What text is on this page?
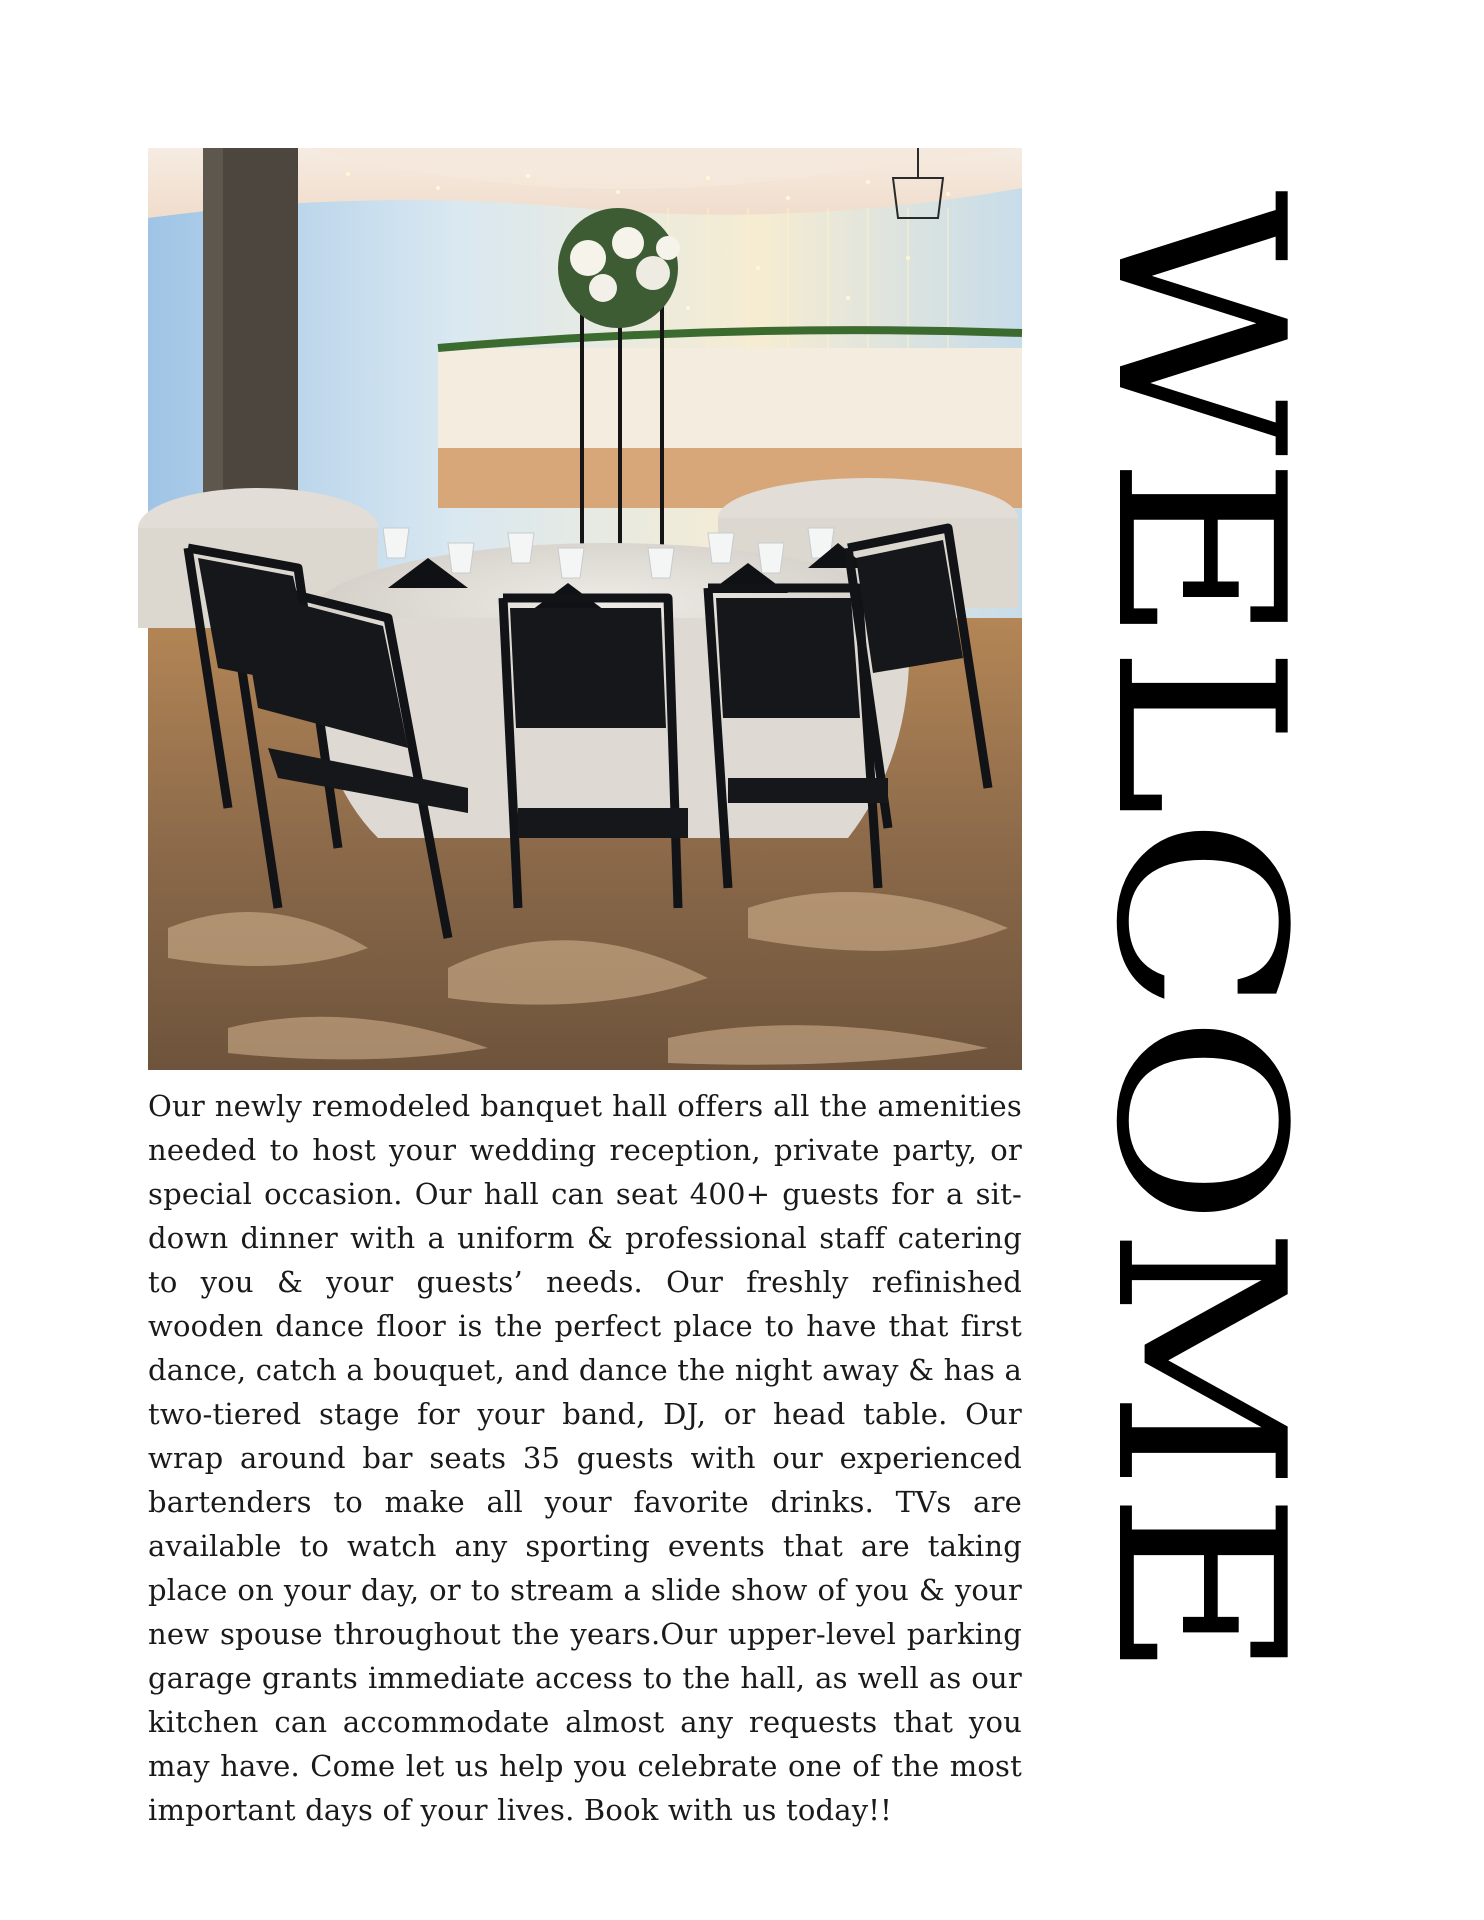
Our newly remodeled banquet hall offers all the amenities needed to host your wedding reception, private party, or special occasion. Our hall can seat 400+ guests for a sit-down dinner with a uniform & professional staff catering to you & your guests’ needs. Our freshly refinished wooden dance floor is the perfect place to have that first dance, catch a bouquet, and dance the night away & has a two-tiered stage for your band, DJ, or head table. Our wrap around bar seats 35 guests with our experienced bartenders to make all your favorite drinks. TVs are available to watch any sporting events that are taking place on your day, or to stream a slide show of you & your new spouse throughout the years.Our upper-level parking garage grants immediate access to the hall, as well as our kitchen can accommodate almost any requests that you may have. Come let us help you celebrate one of the most important days of your lives. Book with us today!!

WELCOME
